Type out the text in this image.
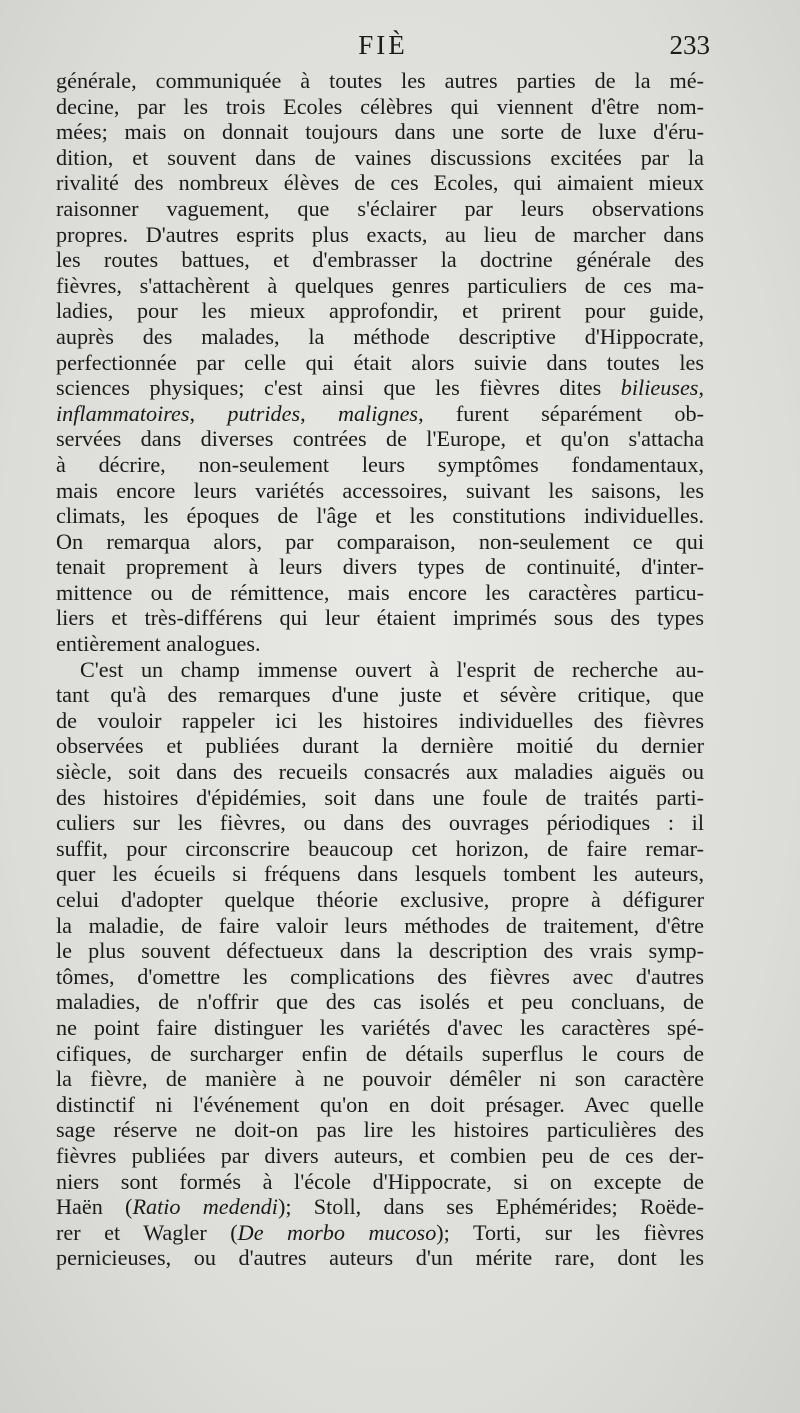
FIÈ	233
générale, communiquée à toutes les autres parties de la mé-
decine, par les trois Ecoles célèbres qui viennent d'être nom-
mées; mais on donnait toujours dans une sorte de luxe d'éru-
dition, et souvent dans de vaines discussions excitées par la
rivalité des nombreux élèves de ces Ecoles, qui aimaient mieux
raisonner vaguement, que s'éclairer par leurs observations
propres. D'autres esprits plus exacts, au lieu de marcher dans
les routes battues, et d'embrasser la doctrine générale des
fièvres, s'attachèrent à quelques genres particuliers de ces ma-
ladies, pour les mieux approfondir, et prirent pour guide,
auprès des malades, la méthode descriptive d'Hippocrate,
perfectionnée par celle qui était alors suivie dans toutes les
sciences physiques; c'est ainsi que les fièvres dites bilieuses,
inflammatoires, putrides, malignes, furent séparément ob-
servées dans diverses contrées de l'Europe, et qu'on s'attacha
à décrire, non-seulement leurs symptômes fondamentaux,
mais encore leurs variétés accessoires, suivant les saisons, les
climats, les époques de l'âge et les constitutions individuelles.
On remarqua alors, par comparaison, non-seulement ce qui
tenait proprement à leurs divers types de continuité, d'inter-
mittence ou de rémittence, mais encore les caractères particu-
liers et très-différens qui leur étaient imprimés sous des types
entièrement analogues.
C'est un champ immense ouvert à l'esprit de recherche au-
tant qu'à des remarques d'une juste et sévère critique, que
de vouloir rappeler ici les histoires individuelles des fièvres
observées et publiées durant la dernière moitié du dernier
siècle, soit dans des recueils consacrés aux maladies aiguës ou
des histoires d'épidémies, soit dans une foule de traités parti-
culiers sur les fièvres, ou dans des ouvrages périodiques : il
suffit, pour circonscrire beaucoup cet horizon, de faire remar-
quer les écueils si fréquens dans lesquels tombent les auteurs,
celui d'adopter quelque théorie exclusive, propre à défigurer
la maladie, de faire valoir leurs méthodes de traitement, d'être
le plus souvent défectueux dans la description des vrais symp-
tômes, d'omettre les complications des fièvres avec d'autres
maladies, de n'offrir que des cas isolés et peu concluans, de
ne point faire distinguer les variétés d'avec les caractères spé-
cifiques, de surcharger enfin de détails superflus le cours de
la fièvre, de manière à ne pouvoir démêler ni son caractère
distinctif ni l'événement qu'on en doit présager. Avec quelle
sage réserve ne doit-on pas lire les histoires particulières des
fièvres publiées par divers auteurs, et combien peu de ces der-
niers sont formés à l'école d'Hippocrate, si on excepte de
Haën (Ratio medendi); Stoll, dans ses Ephémérides; Roëde-
rer et Wagler (De morbo mucoso); Torti, sur les fièvres
pernicieuses, ou d'autres auteurs d'un mérite rare, dont les
